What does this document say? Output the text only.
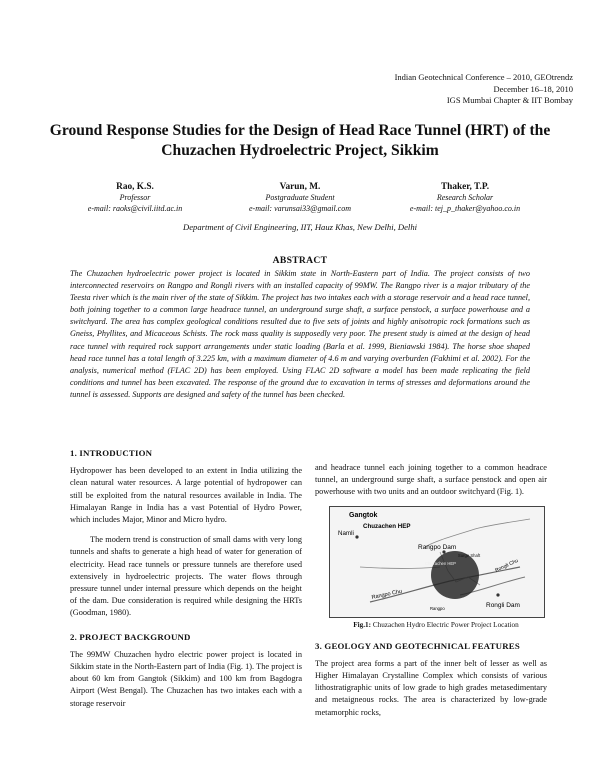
Indian Geotechnical Conference – 2010, GEOtrendz
December 16–18, 2010
IGS Mumbai Chapter & IIT Bombay
Ground Response Studies for the Design of Head Race Tunnel (HRT) of the Chuzachen Hydroelectric Project, Sikkim
Rao, K.S.
Professor
e-mail: raoks@civil.iitd.ac.in
Varun, M.
Postgraduate Student
e-mail: varunsai33@gmail.com
Thaker, T.P.
Research Scholar
e-mail: tej_p_thaker@yahoo.co.in
Department of Civil Engineering, IIT, Hauz Khas, New Delhi, Delhi
ABSTRACT

The Chuzachen hydroelectric power project is located in Sikkim state in North-Eastern part of India. The project consists of two interconnected reservoirs on Rangpo and Rongli rivers with an installed capacity of 99MW. The Rangpo river is a major tributary of the Teesta river which is the main river of the state of Sikkim. The project has two intakes each with a storage reservoir and a head race tunnel, both joining together to a common large headrace tunnel, an underground surge shaft, a surface penstock, a surface powerhouse and a switchyard. The area has complex geological conditions resulted due to five sets of joints and highly anisotropic rock formations such as Gneiss, Phyllites, and Micaceous Schists. The rock mass quality is supposedly very poor. The present study is aimed at the design of head race tunnel with required rock support arrangements under static loading (Barla et al. 1999, Bieniawski 1984). The horse shoe shaped head race tunnel has a total length of 3.225 km, with a maximum diameter of 4.6 m and varying overburden (Fakhimi et al. 2002). For the analysis, numerical method (FLAC 2D) has been employed. Using FLAC 2D software a model has been made replicating the field conditions and tunnel has been excavated. The response of the ground due to excavation in terms of stresses and deformations around the tunnel is assessed. Supports are designed and safety of the tunnel has been checked.

1. INTRODUCTION

Hydropower has been developed to an extent in India utilizing the clean natural water resources. A large potential of hydropower can still be exploited from the natural resources available in India. The Himalayan Range in India has a vast Potential of Hydro Power, which includes Major, Minor and Micro hydro.

The modern trend is construction of small dams with very long tunnels and shafts to generate a high head of water for generation of electricity. Head race tunnels or pressure tunnels are therefore used extensively in hydroelectric projects. The water flows through pressure tunnel under internal pressure which depends on the height of the dam. Due consideration is required while designing the HRTs (Goodman, 1980).

2. PROJECT BACKGROUND

The 99MW Chuzachen hydro electric power project is located in Sikkim state in the North-Eastern part of India (Fig. 1). The project is about 60 km from Gangtok (Sikkim) and 100 km from Bagdogra Airport (West Bengal). The Chuzachen has two intakes each with a storage reservoir

and headrace tunnel each joining together to a common headrace tunnel, an underground surge shaft, a surface penstock and open air powerhouse with two units and an outdoor switchyard (Fig. 1).

Gangtok
Chuzachen HEP
Namli
Rangpo Dam
Surge Shaft
Chuzachen HEP
Rangpo Chu
Rongli Chu
Rongli Dam
Rangpo
Fig.1: Chuzachen Hydro Electric Power Project Location
3. GEOLOGY AND GEOTECHNICAL FEATURES

The project area forms a part of the inner belt of lesser as well as Higher Himalayan Crystalline Complex which consists of various lithostratigraphic units of low grade to high grades metasedimentary and metaigneous rocks. The area is characterized by low-grade metamorphic rocks,
